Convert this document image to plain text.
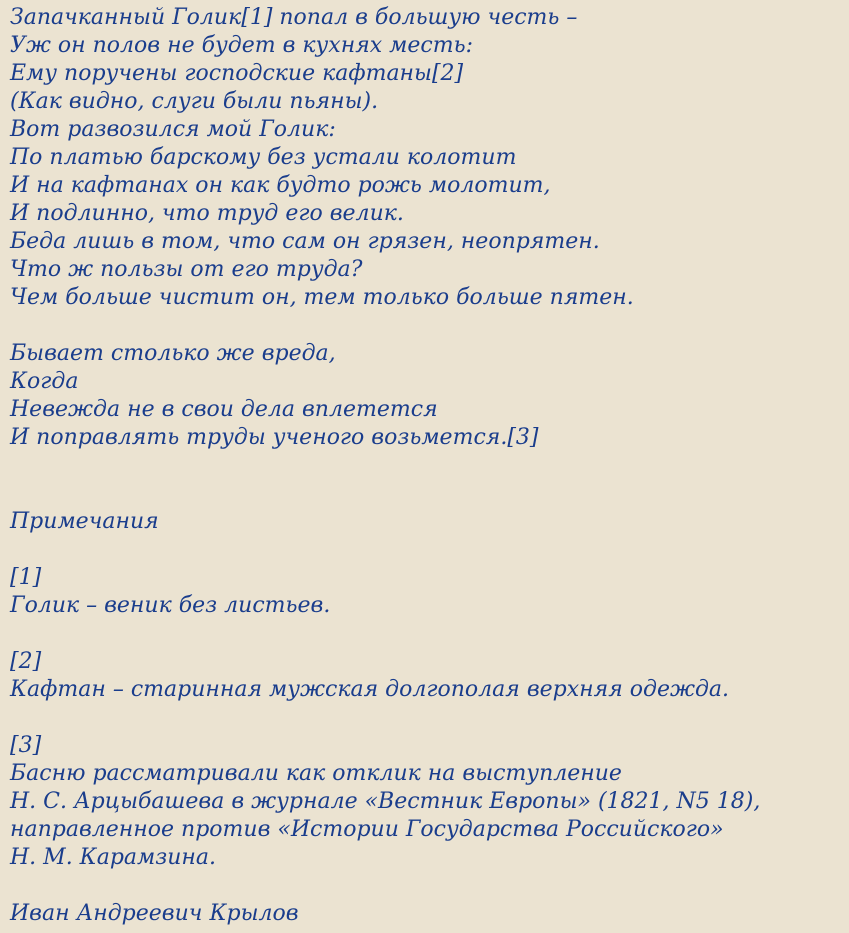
Запачканный Голик[1] попал в большую честь –
Уж он полов не будет в кухнях месть:
Ему поручены господские кафтаны[2]
(Как видно, слуги были пьяны).
Вот развозился мой Голик:
По платью барскому без устали колотит
И на кафтанах он как будто рожь молотит,
И подлинно, что труд его велик.
Беда лишь в том, что сам он грязен, неопрятен.
Что ж пользы от его труда?
Чем больше чистит он, тем только больше пятен.
Бывает столько же вреда,
Когда
Невежда не в свои дела вплетется
И поправлять труды ученого возьмется.[3]
Примечания
[1]
Голик – веник без листьев.
[2]
Кафтан – старинная мужская долгополая верхняя одежда.
[3]
Басню рассматривали как отклик на выступление
Н. С. Арцыбашева в журнале «Вестник Европы» (1821, N5 18),
направленное против «Истории Государства Российского»
Н. М. Карамзина.
Иван Андреевич Крылов
